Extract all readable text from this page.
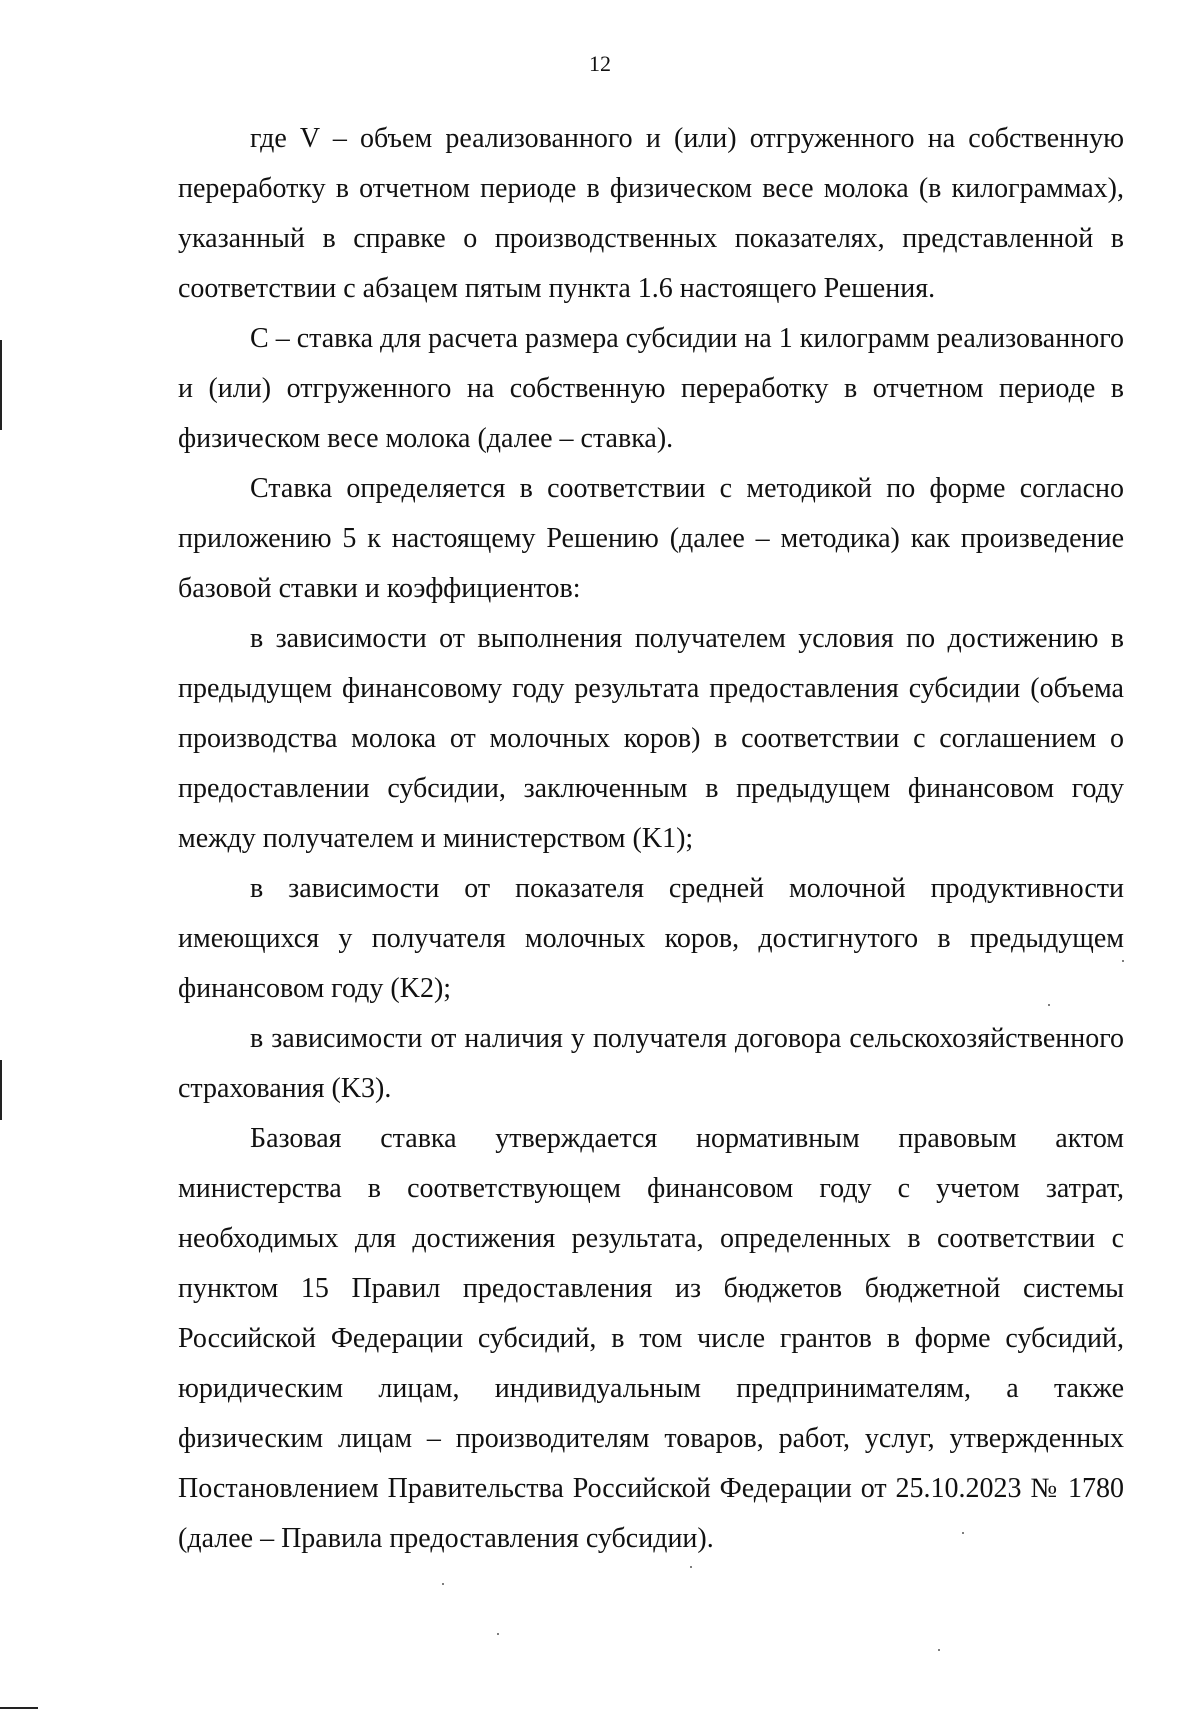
12

где V – объем реализованного и (или) отгруженного на собственную переработку в отчетном периоде в физическом весе молока (в килограммах), указанный в справке о производственных показателях, представленной в соответствии с абзацем пятым пункта 1.6 настоящего Решения.

С – ставка для расчета размера субсидии на 1 килограмм реализованного и (или) отгруженного на собственную переработку в отчетном периоде в физическом весе молока (далее – ставка).

Ставка определяется в соответствии с методикой по форме согласно приложению 5 к настоящему Решению (далее – методика) как произведение базовой ставки и коэффициентов:

в зависимости от выполнения получателем условия по достижению в предыдущем финансовому году результата предоставления субсидии (объема производства молока от молочных коров) в соответствии с соглашением о предоставлении субсидии, заключенным в предыдущем финансовом году между получателем и министерством (K1);

в зависимости от показателя средней молочной продуктивности имеющихся у получателя молочных коров, достигнутого в предыдущем финансовом году (K2);

в зависимости от наличия у получателя договора сельскохозяйственного страхования (K3).

Базовая ставка утверждается нормативным правовым актом министерства в соответствующем финансовом году с учетом затрат, необходимых для достижения результата, определенных в соответствии с пунктом 15 Правил предоставления из бюджетов бюджетной системы Российской Федерации субсидий, в том числе грантов в форме субсидий, юридическим лицам, индивидуальным предпринимателям, а также физическим лицам – производителям товаров, работ, услуг, утвержденных Постановлением Правительства Российской Федерации от 25.10.2023 № 1780 (далее – Правила предоставления субсидии).
